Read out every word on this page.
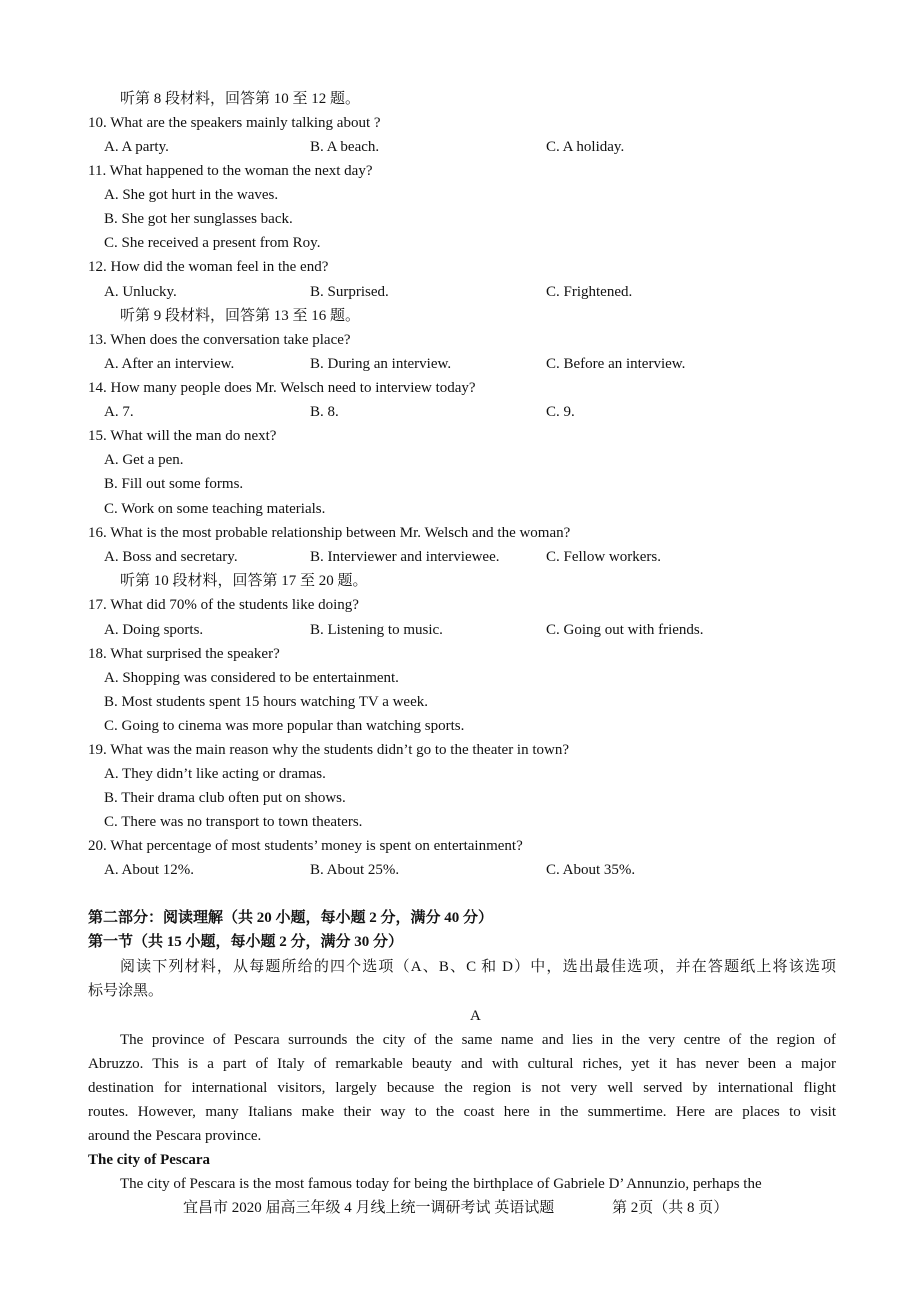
听第 8 段材料，回答第 10 至 12 题。
10. What are the speakers mainly talking about ?
A. A party.	B. A beach.	C. A holiday.
11. What happened to the woman the next day?
A. She got hurt in the waves.
B. She got her sunglasses back.
C. She received a present from Roy.
12. How did the woman feel in the end?
A. Unlucky.	B. Surprised.	C. Frightened.
听第 9 段材料，回答第 13 至 16 题。
13. When does the conversation take place?
A. After an interview.	B. During an interview.	C. Before an interview.
14. How many people does Mr. Welsch need to interview today?
A. 7.	B. 8.	C. 9.
15. What will the man do next?
A. Get a pen.
B. Fill out some forms.
C. Work on some teaching materials.
16. What is the most probable relationship between Mr. Welsch and the woman?
A. Boss and secretary.	B. Interviewer and interviewee.	C. Fellow workers.
听第 10 段材料，回答第 17 至 20 题。
17. What did 70% of the students like doing?
A. Doing sports.	B. Listening to music.	C. Going out with friends.
18. What surprised the speaker?
A. Shopping was considered to be entertainment.
B. Most students spent 15 hours watching TV a week.
C. Going to cinema was more popular than watching sports.
19. What was the main reason why the students didn’t go to the theater in town?
A. They didn’t like acting or dramas.
B. Their drama club often put on shows.
C. There was no transport to town theaters.
20. What percentage of most students’ money is spent on entertainment?
A. About 12%.	B. About 25%.	C. About 35%.
第二部分：阅读理解（共 20 小题，每小题 2 分，满分 40 分）
第一节（共 15 小题，每小题 2 分，满分 30 分）
阅读下列材料，从每题所给的四个选项（A、B、C 和 D）中，选出最佳选项，并在答题纸上将该选项
标号涂黑。
A
The province of Pescara surrounds the city of the same name and lies in the very centre of the region of
Abruzzo. This is a part of Italy of remarkable beauty and with cultural riches, yet it has never been a major
destination for international visitors, largely because the region is not very well served by international flight
routes. However, many Italians make their way to the coast here in the summertime. Here are places to visit
around the Pescara province.
The city of Pescara
The city of Pescara is the most famous today for being the birthplace of Gabriele D’ Annunzio, perhaps the
宜昌市 2020 届高三年级 4 月线上统一调研考试 英语试题	第 2页（共 8 页）
